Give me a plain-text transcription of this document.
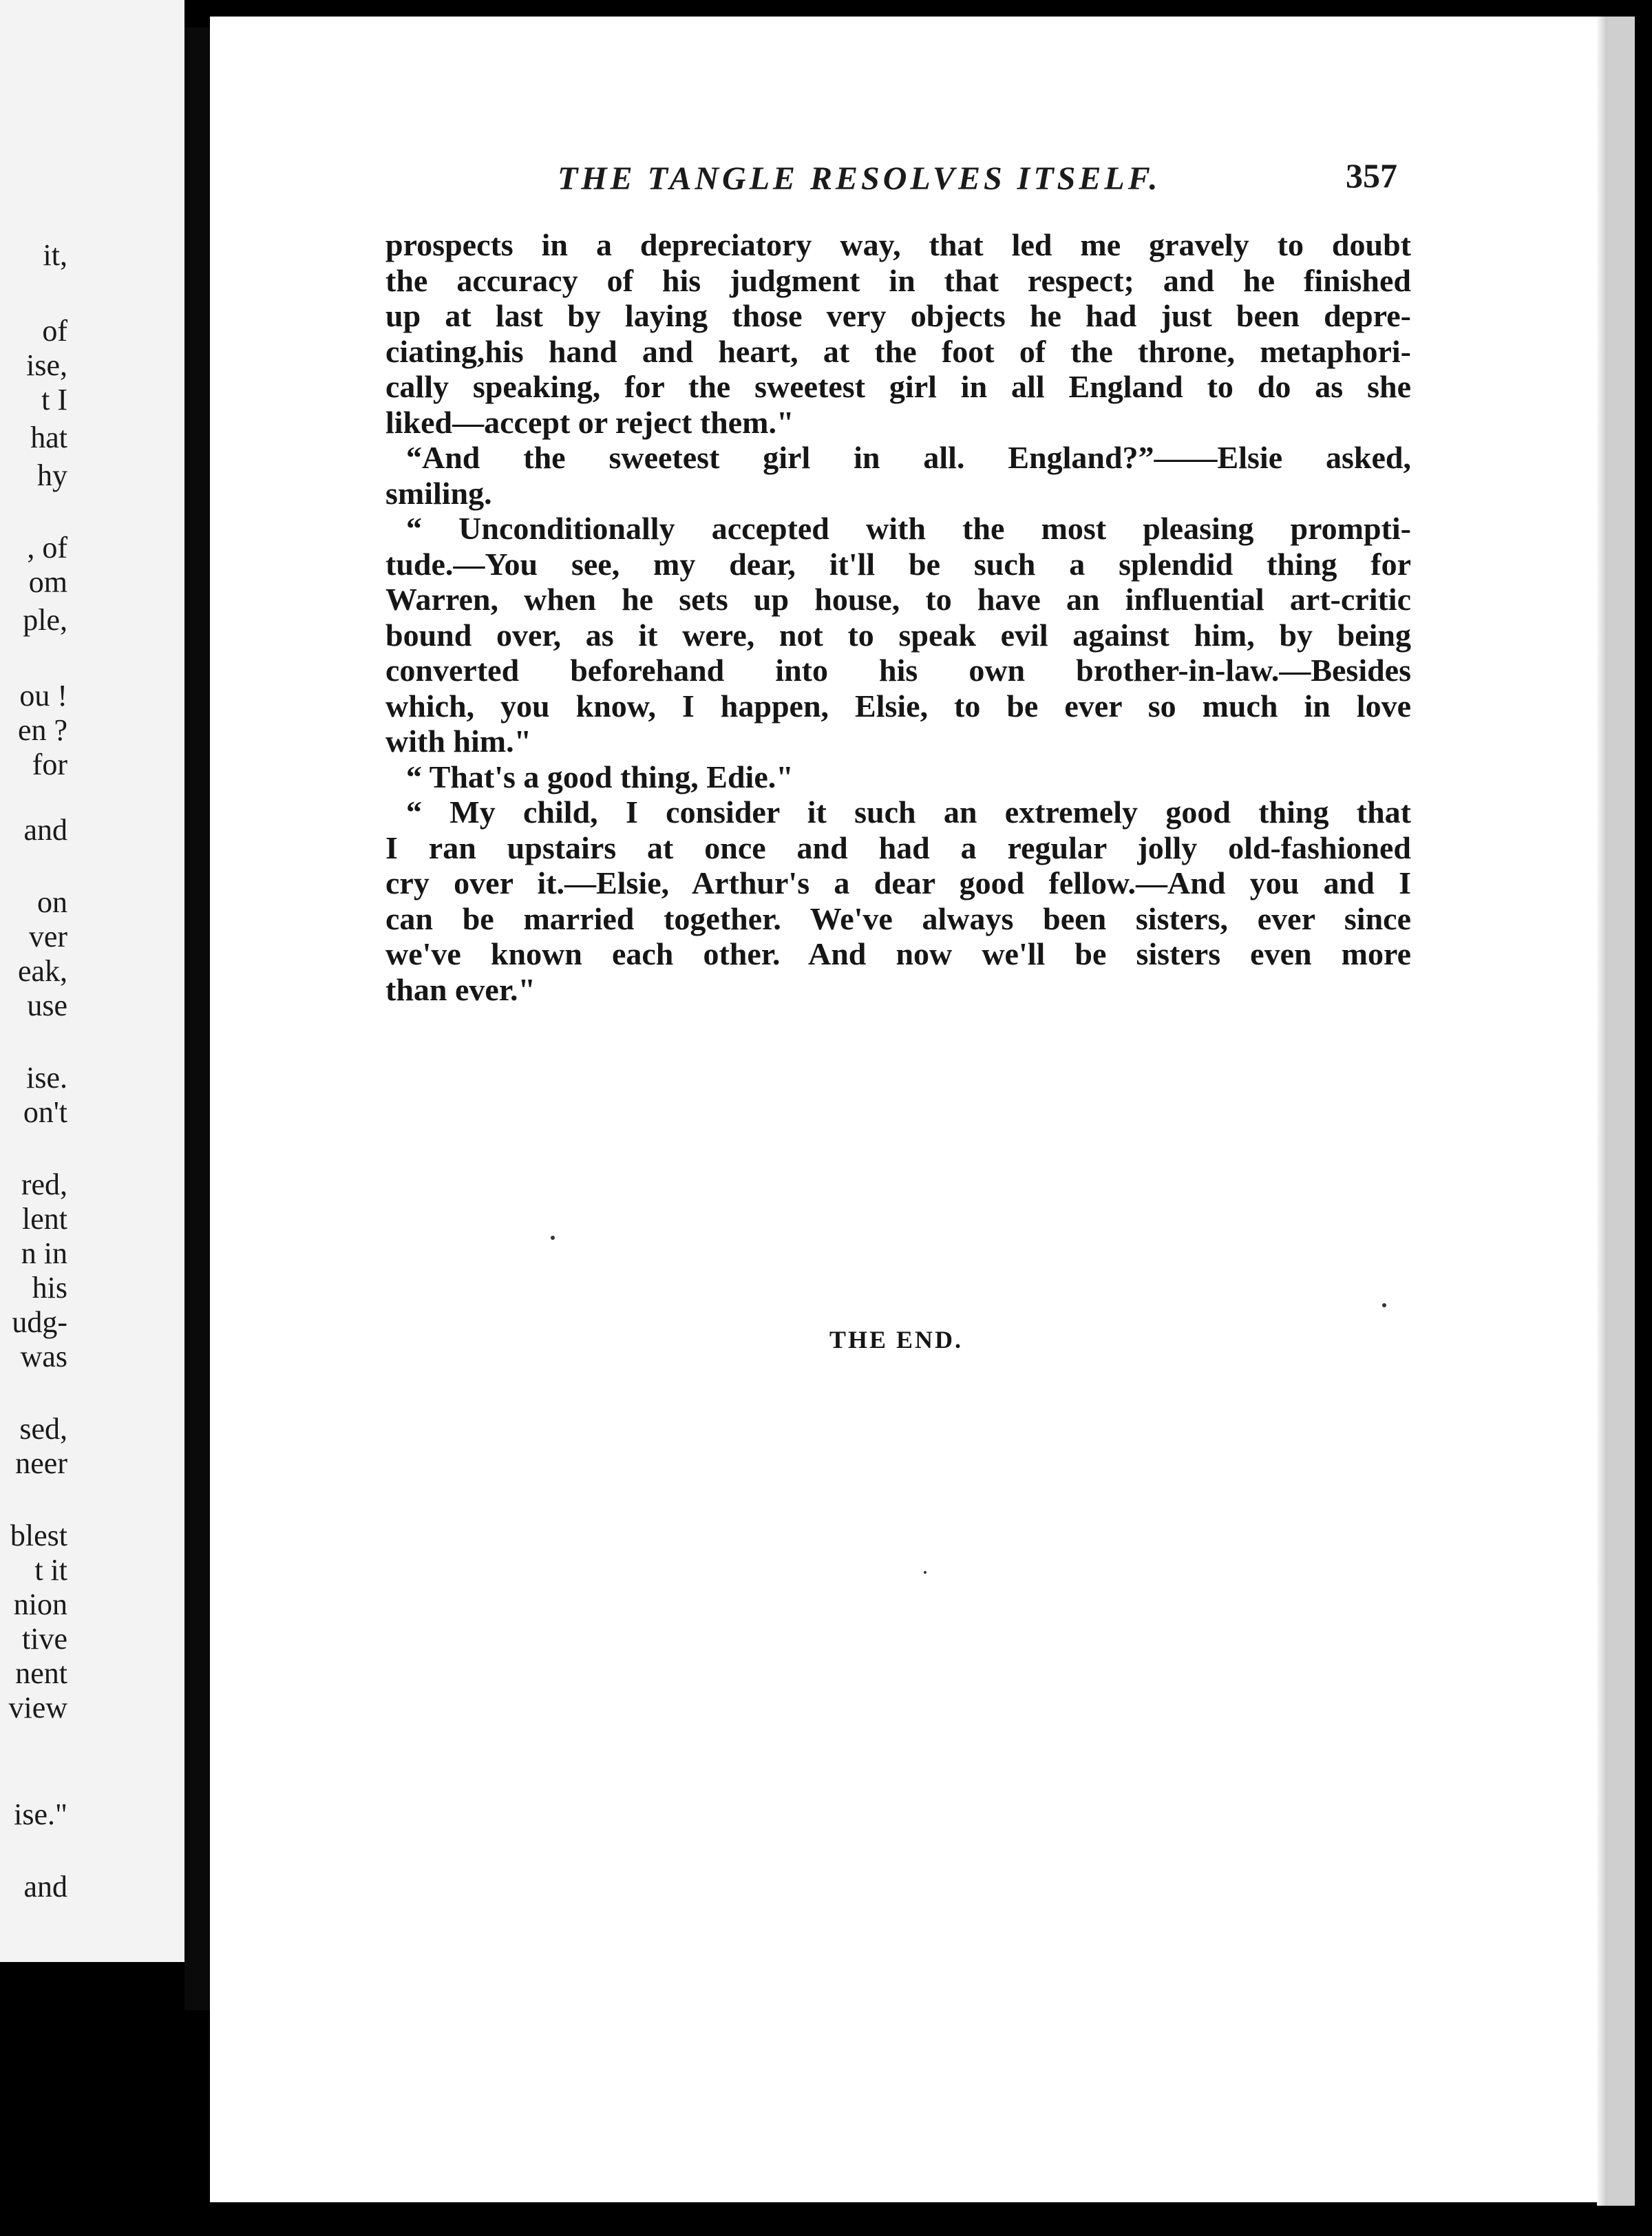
it,
of
ise,
t I
hat
hy
, of
om
ple,
ou !
en ?
for
and
on
ver
eak,
use
ise.
on't
red,
lent
n in
his
udg-
was
sed,
neer
blest
t it
nion
tive
nent
view
ise."
and
THE TANGLE RESOLVES ITSELF.	357
prospects in a depreciatory way, that led me gravely to doubt
the accuracy of his judgment in that respect; and he finished
up at last by laying those very objects he had just been depre-
ciating,his hand and heart, at the foot of the throne, metaphori-
cally speaking, for the sweetest girl in all England to do as she
liked—accept or reject them."
“And the sweetest girl in all. England?”——Elsie asked,
smiling.
“ Unconditionally accepted with the most pleasing prompti-
tude.—You see, my dear, it'll be such a splendid thing for
Warren, when he sets up house, to have an influential art-critic
bound over, as it were, not to speak evil against him, by being
converted beforehand into his own brother-in-law.—Besides
which, you know, I happen, Elsie, to be ever so much in love
with him."
“ That's a good thing, Edie."
“ My child, I consider it such an extremely good thing that
I ran upstairs at once and had a regular jolly old-fashioned
cry over it.—Elsie, Arthur's a dear good fellow.—And you and I
can be married together. We've always been sisters, ever since
we've known each other. And now we'll be sisters even more
than ever."
THE END.
